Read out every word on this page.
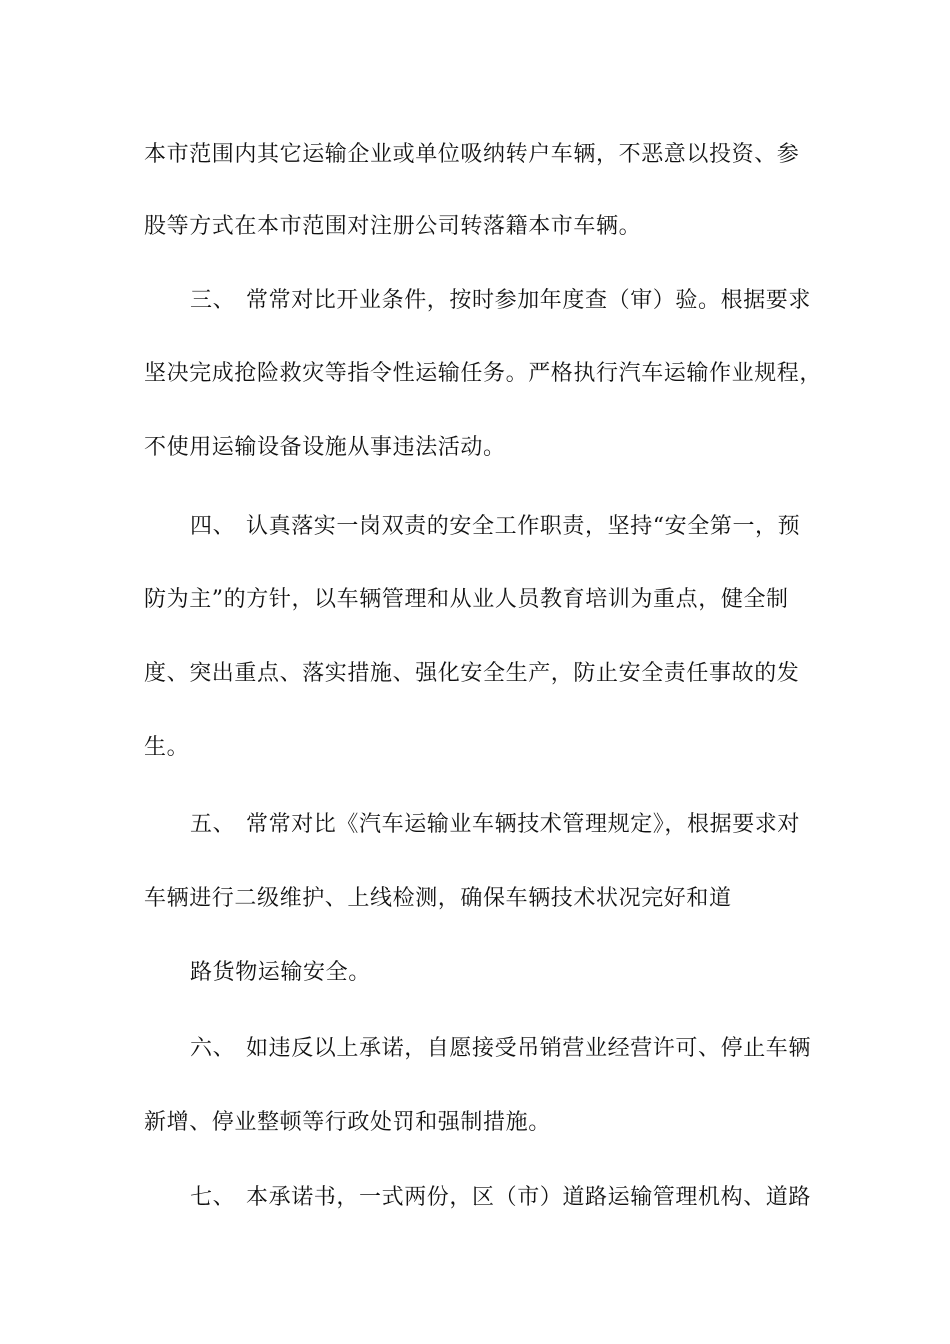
本市范围内其它运输企业或单位吸纳转户车辆，不恶意以投资、参
股等方式在本市范围对注册公司转落籍本市车辆。
三、 常常对比开业条件，按时参加年度查（审）验。根据要求
坚决完成抢险救灾等指令性运输任务。严格执行汽车运输作业规程，
不使用运输设备设施从事违法活动。
四、 认真落实一岗双责的安全工作职责，坚持“安全第一，预
防为主”的方针，以车辆管理和从业人员教育培训为重点，健全制
度、突出重点、落实措施、强化安全生产，防止安全责任事故的发
生。
五、 常常对比《汽车运输业车辆技术管理规定》，根据要求对
车辆进行二级维护、上线检测，确保车辆技术状况完好和道
路货物运输安全。
六、 如违反以上承诺，自愿接受吊销营业经营许可、停止车辆
新增、停业整顿等行政处罚和强制措施。
七、 本承诺书，一式两份，区（市）道路运输管理机构、道路
